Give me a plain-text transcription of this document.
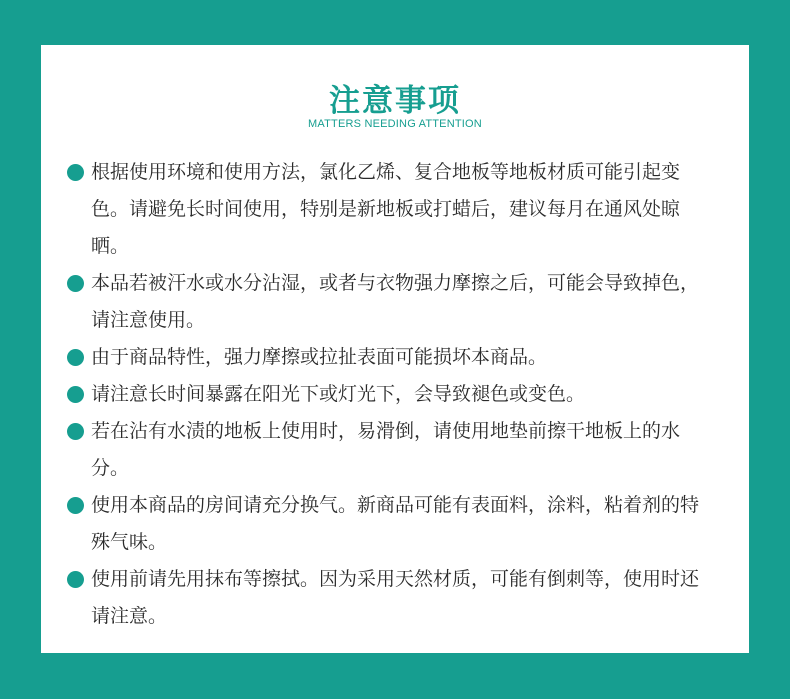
注意事项
MATTERS NEEDING ATTENTION
根据使用环境和使用方法，氯化乙烯、复合地板等地板材质可能引起变色。请避免长时间使用，特别是新地板或打蜡后，建议每月在通风处晾晒。
本品若被汗水或水分沾湿，或者与衣物强力摩擦之后，可能会导致掉色，请注意使用。
由于商品特性，强力摩擦或拉扯表面可能损坏本商品。
请注意长时间暴露在阳光下或灯光下，会导致褪色或变色。
若在沾有水渍的地板上使用时，易滑倒，请使用地垫前擦干地板上的水分。
使用本商品的房间请充分换气。新商品可能有表面料，涂料，粘着剂的特殊气味。
使用前请先用抹布等擦拭。因为采用天然材质，可能有倒刺等，使用时还请注意。
